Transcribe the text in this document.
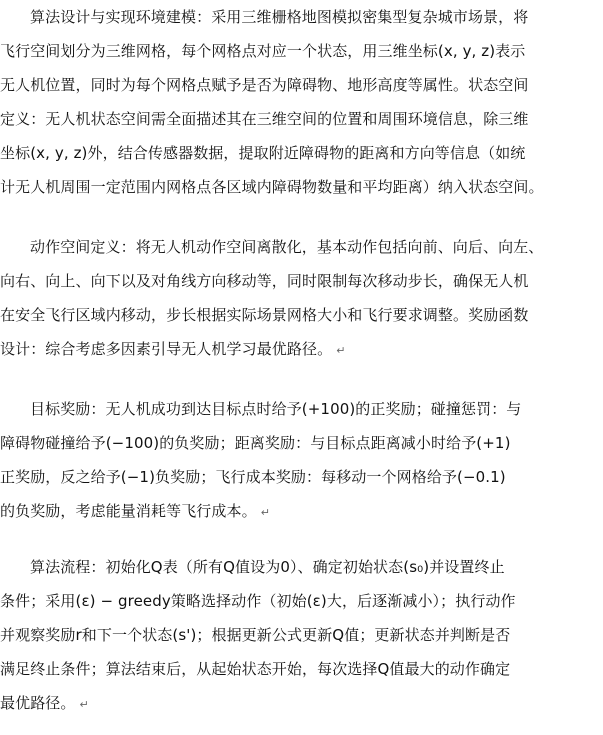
算法设计与实现环境建模：采用三维栅格地图模拟密集型复杂城市场景，将
飞行空间划分为三维网格，每个网格点对应一个状态，用三维坐标(x, y, z)表示
无人机位置，同时为每个网格点赋予是否为障碍物、地形高度等属性。状态空间
定义：无人机状态空间需全面描述其在三维空间的位置和周围环境信息，除三维
坐标(x, y, z)外，结合传感器数据，提取附近障碍物的距离和方向等信息（如统
计无人机周围一定范围内网格点各区域内障碍物数量和平均距离）纳入状态空间。
动作空间定义：将无人机动作空间离散化，基本动作包括向前、向后、向左、
向右、向上、向下以及对角线方向移动等，同时限制每次移动步长，确保无人机
在安全飞行区域内移动，步长根据实际场景网格大小和飞行要求调整。奖励函数
设计：综合考虑多因素引导无人机学习最优路径。 ↵
目标奖励：无人机成功到达目标点时给予(+100)的正奖励；碰撞惩罚：与
障碍物碰撞给予(−100)的负奖励；距离奖励：与目标点距离减小时给予(+1)
正奖励，反之给予(−1)负奖励；飞行成本奖励：每移动一个网格给予(−0.1)
的负奖励，考虑能量消耗等飞行成本。 ↵
算法流程：初始化Q表（所有Q值设为0）、确定初始状态(s₀)并设置终止
条件；采用(ε) − greedy策略选择动作（初始(ε)大，后逐渐减小）；执行动作
并观察奖励r和下一个状态(s')；根据更新公式更新Q值；更新状态并判断是否
满足终止条件；算法结束后，从起始状态开始，每次选择Q值最大的动作确定
最优路径。 ↵
